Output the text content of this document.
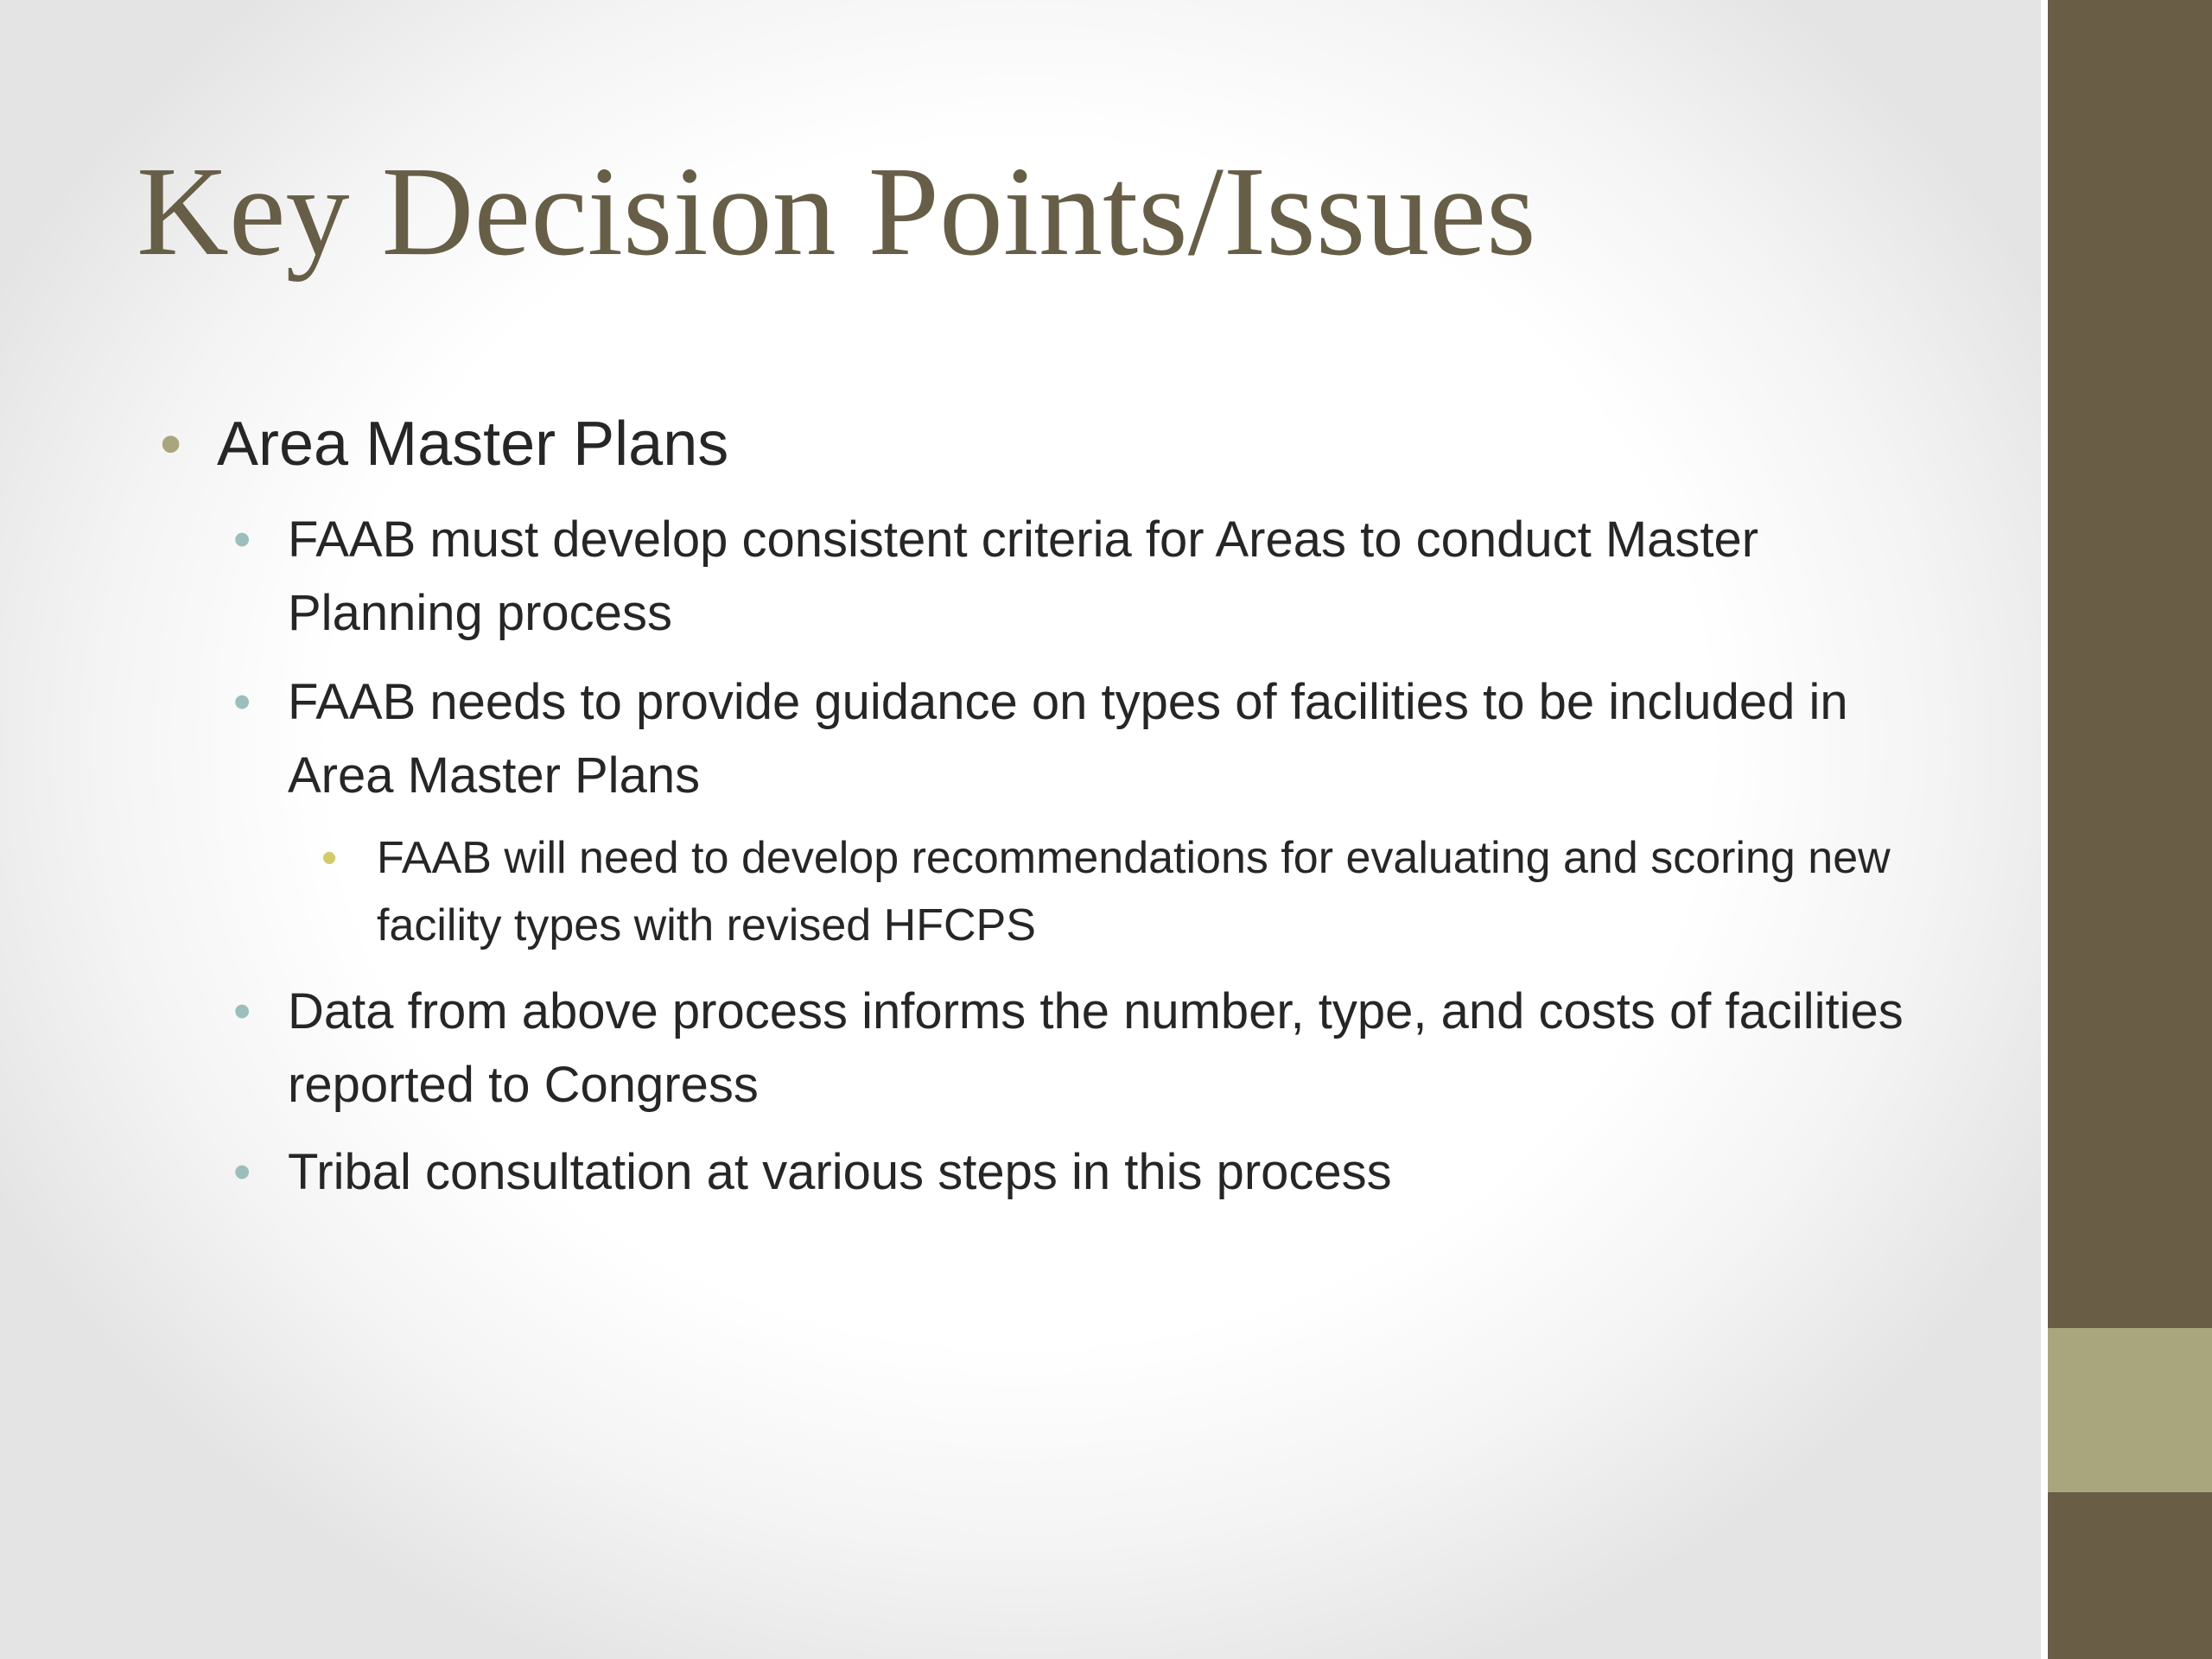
Key Decision Points/Issues
• Area Master Plans
• FAAB must develop consistent criteria for Areas to conduct Master Planning process
• FAAB needs to provide guidance on types of facilities to be included in Area Master Plans
• FAAB will need to develop recommendations for evaluating and scoring new facility types with revised HFCPS
• Data from above process informs the number, type, and costs of facilities reported to Congress
• Tribal consultation at various steps in this process
